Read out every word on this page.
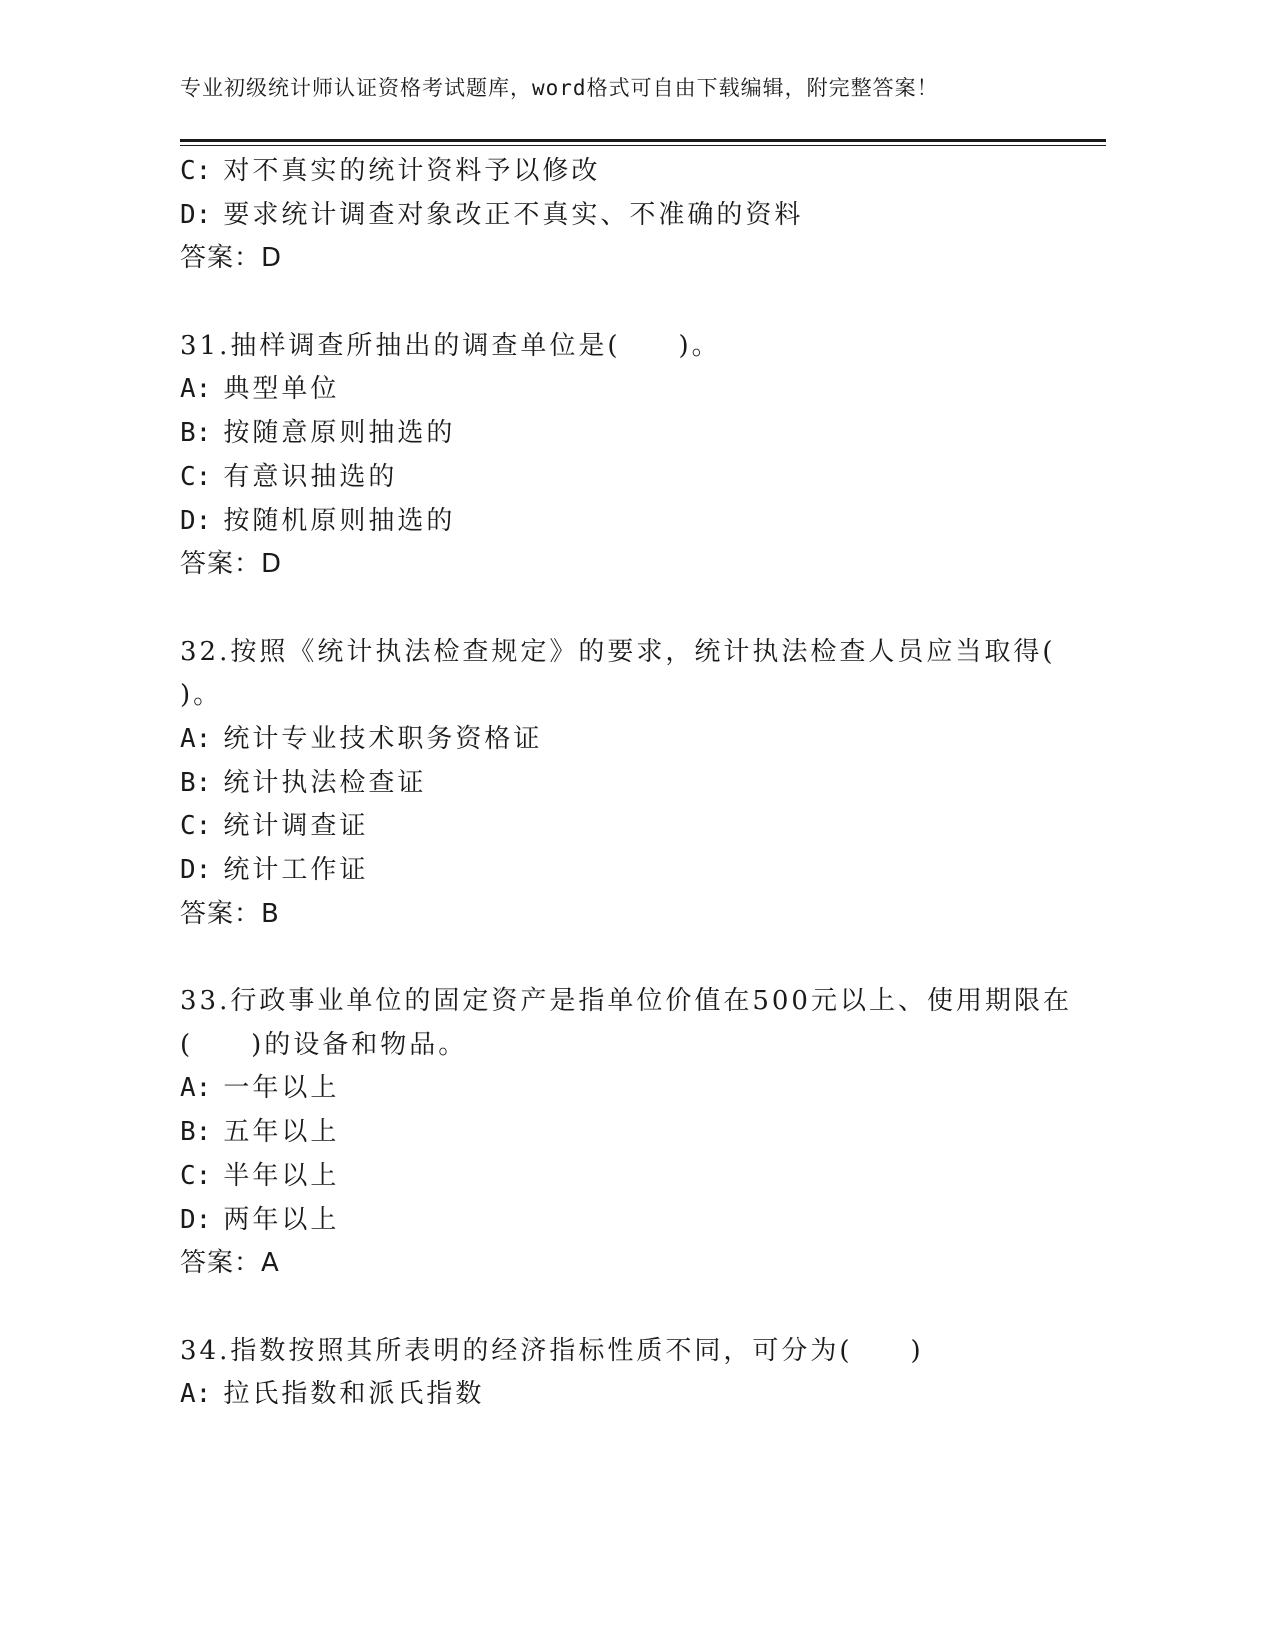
专业初级统计师认证资格考试题库，word格式可自由下载编辑，附完整答案！
C: 对不真实的统计资料予以修改
D: 要求统计调查对象改正不真实、不准确的资料
答案：D
31.抽样调查所抽出的调查单位是(　　)。
A: 典型单位
B: 按随意原则抽选的
C: 有意识抽选的
D: 按随机原则抽选的
答案：D
32.按照《统计执法检查规定》的要求，统计执法检查人员应当取得(
)。
A: 统计专业技术职务资格证
B: 统计执法检查证
C: 统计调查证
D: 统计工作证
答案：B
33.行政事业单位的固定资产是指单位价值在500元以上、使用期限在
(　　)的设备和物品。
A: 一年以上
B: 五年以上
C: 半年以上
D: 两年以上
答案：A
34.指数按照其所表明的经济指标性质不同，可分为(　　)
A: 拉氏指数和派氏指数
